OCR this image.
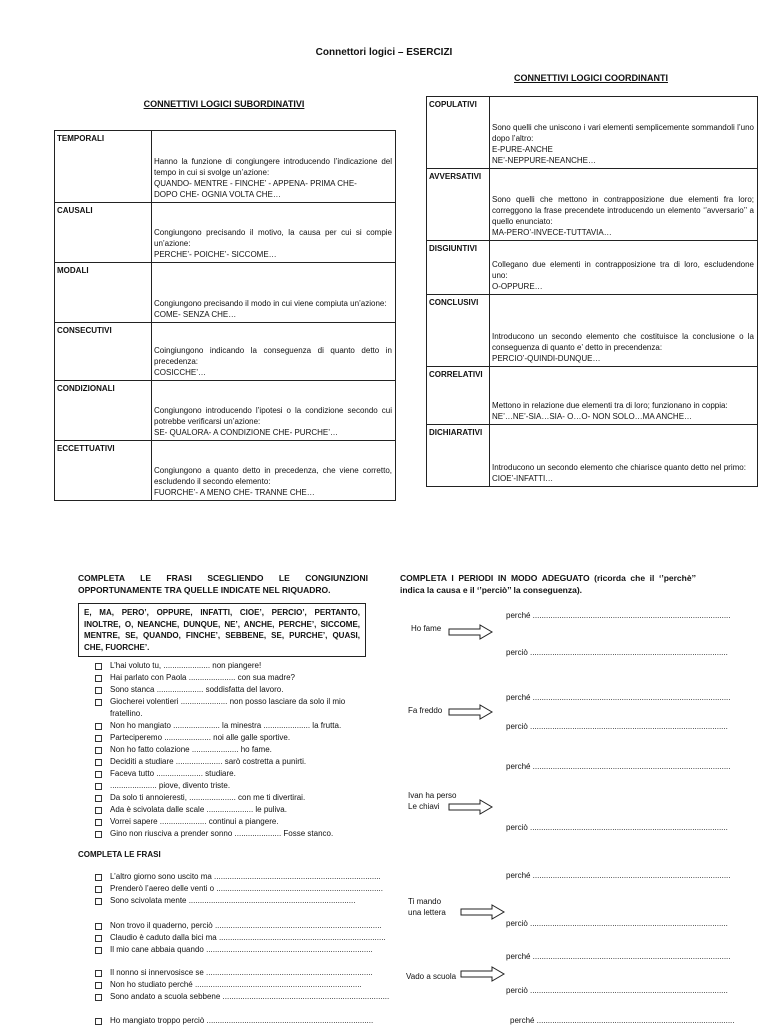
Connettori logici – ESERCIZI
CONNETTIVI LOGICI COORDINANTI
COPULATIVI	Sono quelli che uniscono i vari elementi semplicemente sommandoli l’uno dopo l’altro:
E-PURE-ANCHE
NE’-NEPPURE-NEANCHE…

AVVERSATIVI	Sono quelli che mettono in contrapposizione due elementi fra loro; correggono la frase precendete introducendo un elemento ‘’avversario’’ a quello enunciato:
MA-PERO’-INVECE-TUTTAVIA…

DISGIUNTIVI	Collegano due elementi in contrapposizione tra di loro, escludendone uno:
O-OPPURE…

CONCLUSIVI	Introducono un secondo elemento che costituisce la conclusione o la conseguenza di quanto e’ detto in precendenza:
PERCIO’-QUINDI-DUNQUE…

CORRELATIVI	Mettono in relazione due elementi tra di loro; funzionano in coppia:
NE’…NE’-SIA…SIA- O…O- NON SOLO…MA ANCHE…

DICHIARATIVI	Introducono un secondo elemento che chiarisce quanto detto nel primo:
CIOE’-INFATTI…
CONNETTIVI LOGICI SUBORDINATIVI
TEMPORALI	Hanno la funzione di congiungere introducendo l’indicazione del tempo in cui si svolge un’azione:
QUANDO- MENTRE - FINCHE’ - APPENA- PRIMA CHE-
DOPO CHE- OGNIA VOLTA CHE…

CAUSALI	Congiungono precisando il motivo, la causa per cui si compie un’azione:
PERCHE’- POICHE’- SICCOME…

MODALI	Congiungono precisando il modo in cui viene compiuta un’azione:
COME- SENZA CHE…

CONSECUTIVI	Coingiungono indicando la conseguenza di quanto detto in precedenza:
COSICCHE’…

CONDIZIONALI	Congiungono introducendo l’ipotesi o la condizione secondo cui potrebbe verificarsi un’azione:
SE- QUALORA- A CONDIZIONE CHE- PURCHE’…

ECCETTUATIVI	Congiungono a quanto detto in precedenza, che viene corretto, escludendo il secondo elemento:
FUORCHE’- A MENO CHE- TRANNE CHE…
COMPLETA LE FRASI SCEGLIENDO LE CONGIUNZIONI OPPORTUNAMENTE TRA QUELLE INDICATE NEL RIQUADRO.
E, MA, PERO’, OPPURE, INFATTI, CIOE’, PERCIO’, PERTANTO, INOLTRE, O, NEANCHE, DUNQUE, NE’, ANCHE, PERCHE’, SICCOME, MENTRE, SE, QUANDO, FINCHE’, SEBBENE, SE, PURCHE’, QUASI, CHE, FUORCHE’.
L’hai voluto tu, ..................... non piangere!
Hai parlato con Paola ..................... con sua madre?
Sono stanca ..................... soddisfatta del lavoro.
Giocherei volentieri ..................... non posso lasciare da solo il mio fratellino.
Non ho mangiato ..................... la minestra ..................... la frutta.
Parteciperemo ..................... noi alle galle sportive.
Non ho fatto colazione ..................... ho fame.
Deciditi a studiare ..................... sarò costretta a punirti.
Faceva tutto ..................... studiare.
..................... piove, divento triste.
Da solo ti annoieresti, ..................... con me ti divertirai.
Ada è scivolata dalle scale ..................... le puliva.
Vorrei sapere ..................... continui a piangere.
Gino non riusciva a prender sonno ..................... Fosse stanco.
COMPLETA LE FRASI
L’altro giorno sono uscito ma ...........................................................................
Prenderò l’aereo delle venti o ...........................................................................
Sono scivolata mente ...........................................................................
Non trovo il quaderno, perciò ...........................................................................
Claudio è caduto dalla bici ma ...........................................................................
Il mio cane abbaia quando ...........................................................................
Il nonno si innervosisce se ...........................................................................
Non ho studiato perché ...........................................................................
Sono andato a scuola sebbene ...........................................................................
Ho mangiato troppo perciò ...........................................................................
COMPLETA I PERIODI IN MODO ADEGUATO (ricorda che il ‘’perchè’’ indica la causa e il ‘’perciò’’ la conseguenza).
Ho fame
perché .........................................................................................
perciò .........................................................................................
Fa freddo
perché .........................................................................................
perciò .........................................................................................
Ivan ha perso
Le chiavi
perché .........................................................................................
perciò .........................................................................................
Ti mando
una lettera
perché .........................................................................................
perciò .........................................................................................
Vado a scuola
perché .........................................................................................
perciò .........................................................................................
perché .........................................................................................
